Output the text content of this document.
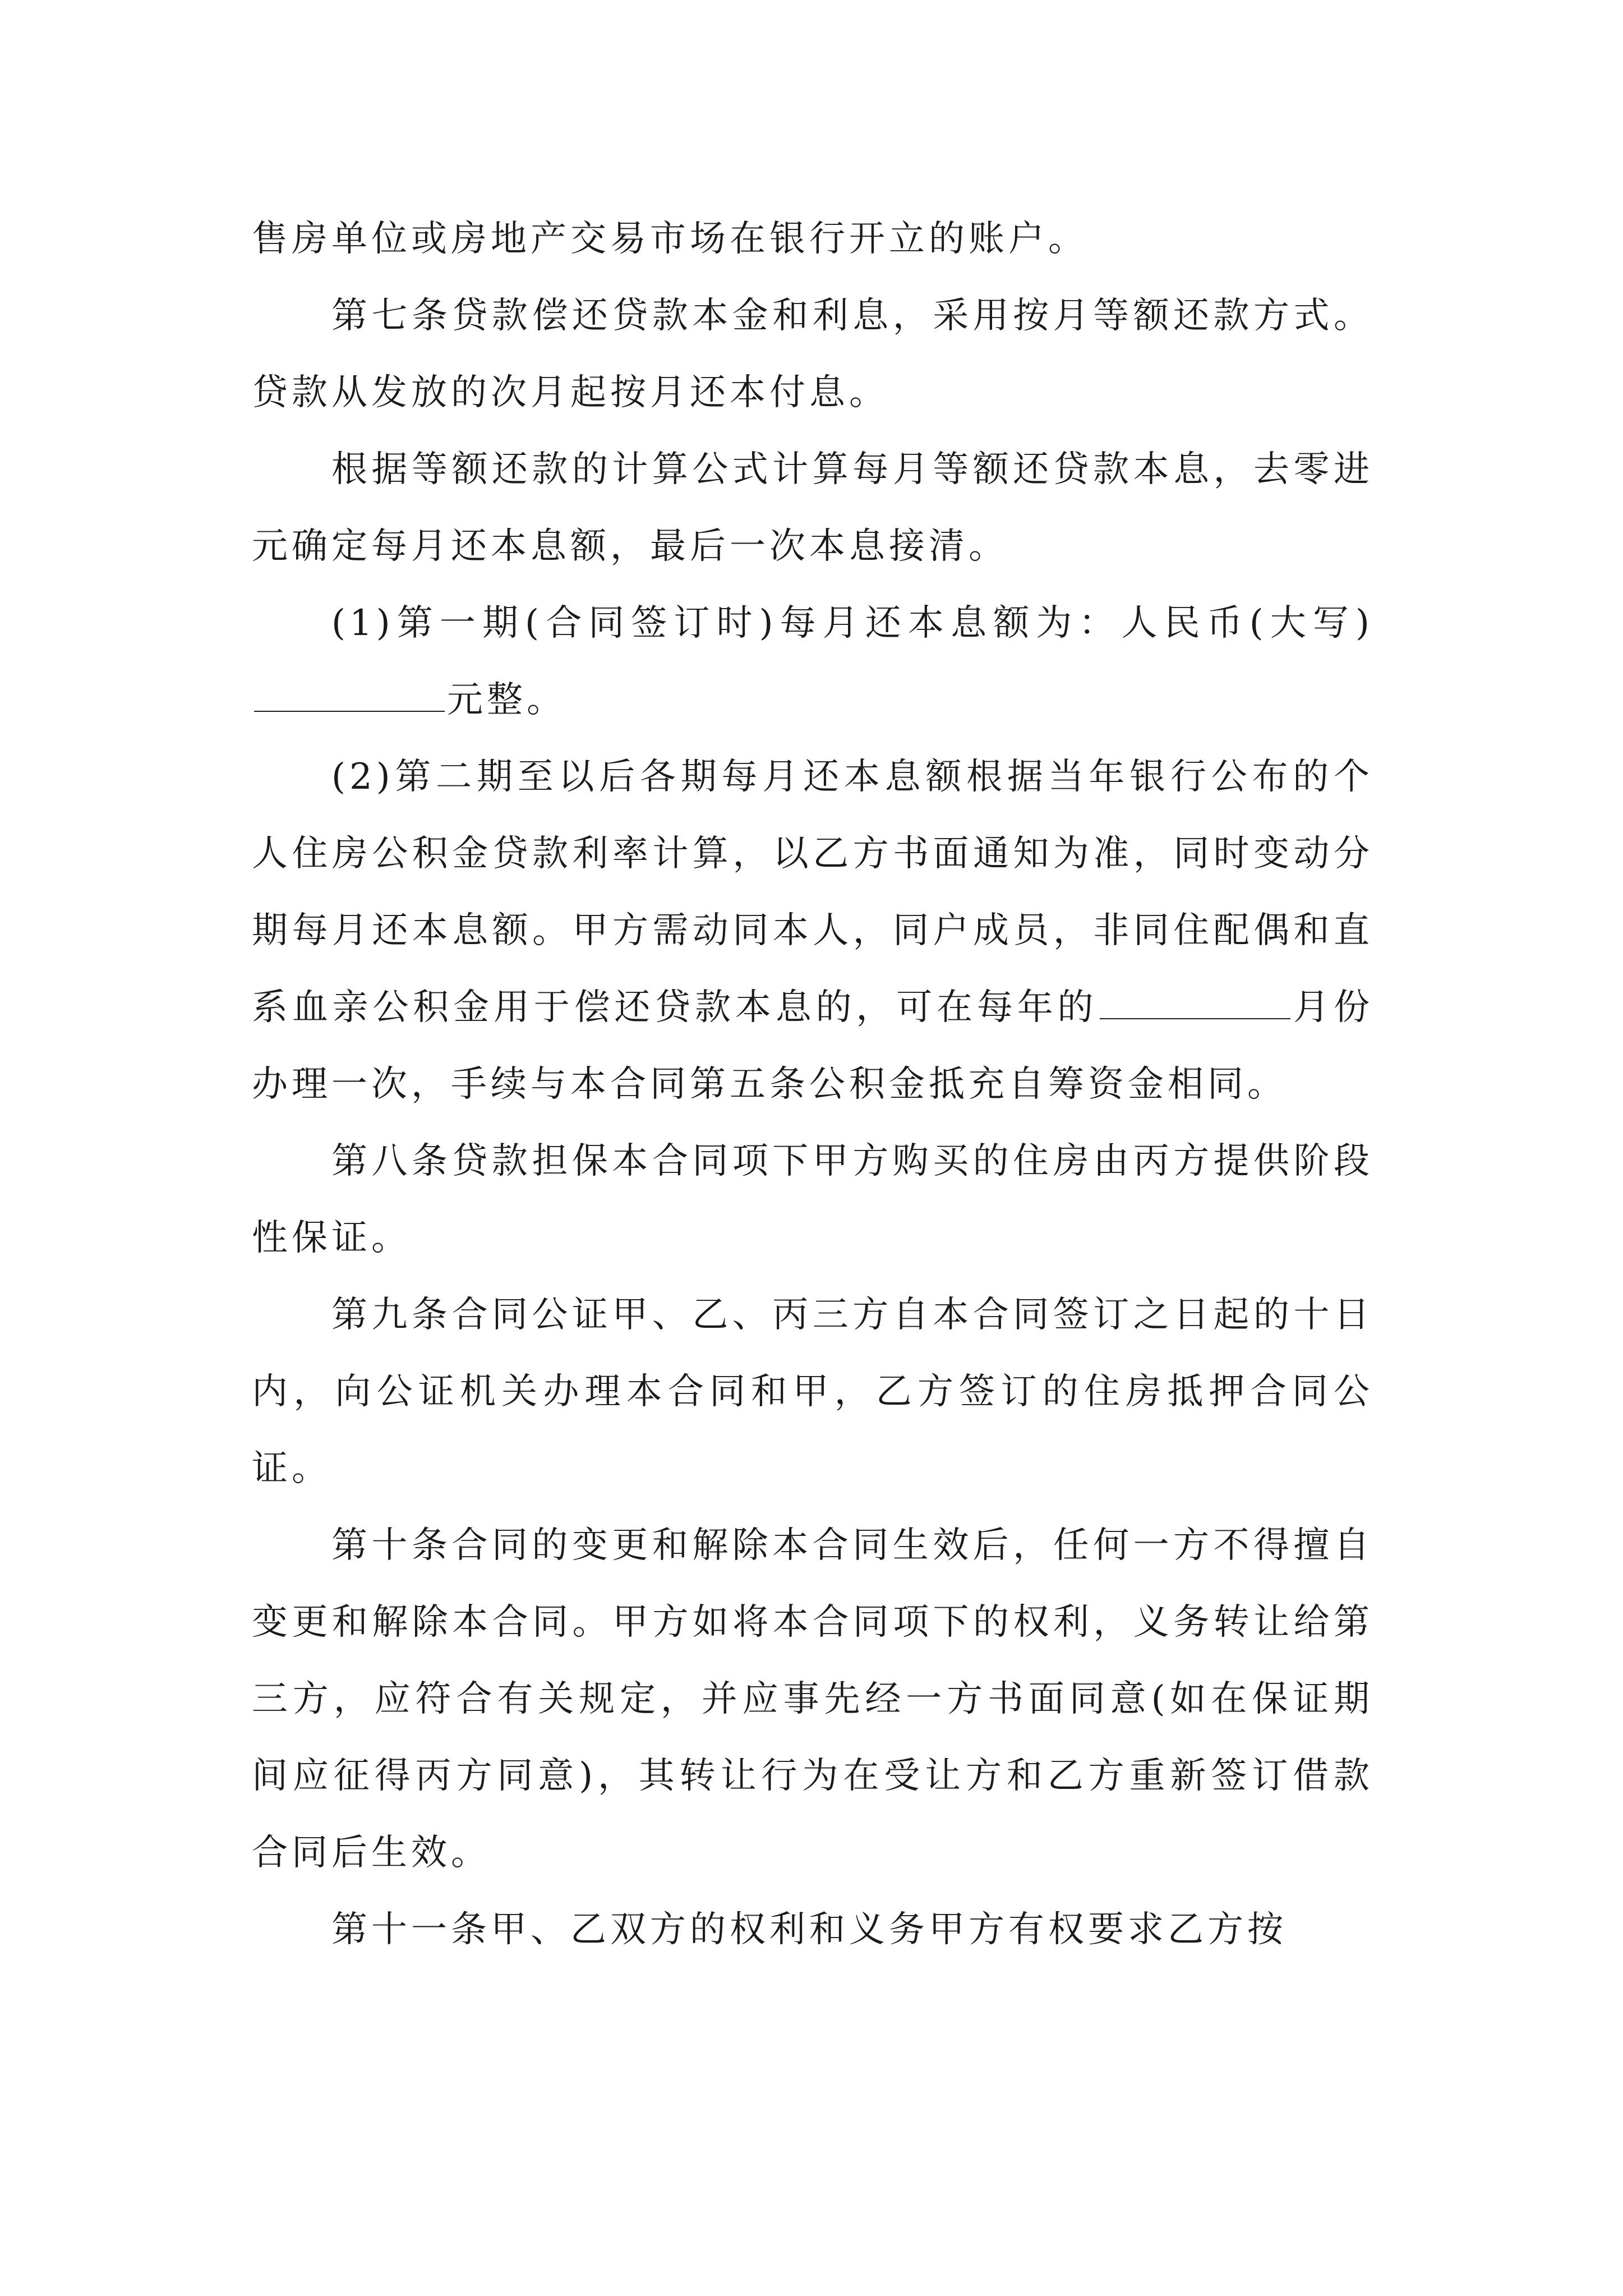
售房单位或房地产交易市场在银行开立的账户。

第七条贷款偿还贷款本金和利息，采用按月等额还款方式。贷款从发放的次月起按月还本付息。

根据等额还款的计算公式计算每月等额还贷款本息，去零进元确定每月还本息额，最后一次本息接清。

(1)第一期(合同签订时)每月还本息额为：人民币(大写)元整。

(2)第二期至以后各期每月还本息额根据当年银行公布的个人住房公积金贷款利率计算，以乙方书面通知为准，同时变动分期每月还本息额。甲方需动同本人，同户成员，非同住配偶和直系血亲公积金用于偿还贷款本息的，可在每年的	月份办理一次，手续与本合同第五条公积金抵充自筹资金相同。

第八条贷款担保本合同项下甲方购买的住房由丙方提供阶段性保证。

第九条合同公证甲、乙、丙三方自本合同签订之日起的十日内，向公证机关办理本合同和甲，乙方签订的住房抵押合同公证。

第十条合同的变更和解除本合同生效后，任何一方不得擅自变更和解除本合同。甲方如将本合同项下的权利，义务转让给第三方，应符合有关规定，并应事先经一方书面同意(如在保证期间应征得丙方同意)，其转让行为在受让方和乙方重新签订借款合同后生效。

第十一条甲、乙双方的权利和义务甲方有权要求乙方按
